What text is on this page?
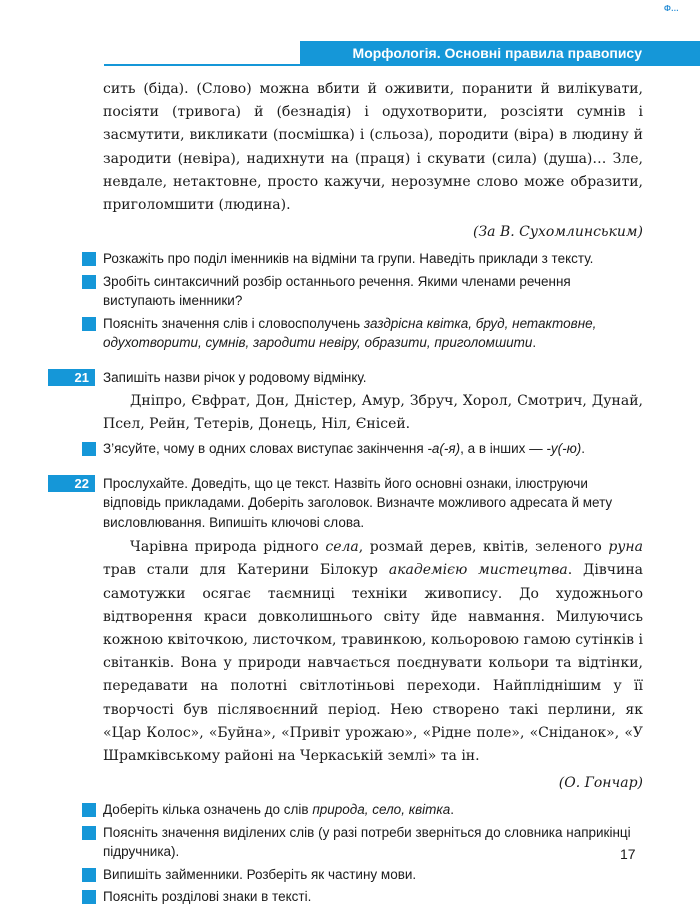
Ф…
Морфологія. Основні правила правопису

сить (біда). (Слово) можна вбити й оживити, поранити й вилікувати, посіяти (тривога) й (безнадія) і одухотворити, розсіяти сумнів і засмутити, викликати (посмішка) і (сльоза), породити (віра) в людину й зародити (невіра), надихнути на (праця) і скувати (сила) (душа)… Зле, невдале, нетактовне, просто кажучи, нерозумне слово може образити, приголомшити (людина).

(За В. Сухомлинським)
Розкажіть про поділ іменників на відміни та групи. Наведіть приклади з тексту.
Зробіть синтаксичний розбір останнього речення. Якими членами речення виступають іменники?
Поясніть значення слів і словосполучень заздрісна квітка, бруд, нетактовне, одухотворити, сумнів, зародити невіру, образити, приголомшити.
21	Запишіть назви річок у родовому відмінку.

Дніпро, Євфрат, Дон, Дністер, Амур, Збруч, Хорол, Смотрич, Дунай, Псел, Рейн, Тетерів, Донець, Ніл, Єнісей.

З’ясуйте, чому в одних словах виступає закінчення -а(-я), а в інших — -у(-ю).
22	Прослухайте. Доведіть, що це текст. Назвіть його основні ознаки, ілюструючи відповідь прикладами. Доберіть заголовок. Визначте можливого адресата й мету висловлювання. Випишіть ключові слова.

Чарівна природа рідного села, розмай дерев, квітів, зеленого руна трав стали для Катерини Білокур академією мистецтва. Дівчина самотужки осягає таємниці техніки живопису. До художнього відтворення краси довколишнього світу йде навмання. Милуючись кожною квіточкою, листочком, травинкою, кольоровою гамою сутінків і світанків. Вона у природи навчається поєднувати кольори та відтінки, передавати на полотні світлотіньові переходи. Найпліднішим у її творчості був післявоєнний період. Нею створено такі перлини, як «Цар Колос», «Буйна», «Привіт урожаю», «Рідне поле», «Сніданок», «У Шрамківському районі на Черкаській землі» та ін.

(О. Гончар)
Доберіть кілька означень до слів природа, село, квітка.
Поясніть значення виділених слів (у разі потреби зверніться до словника наприкінці підручника).
Випишіть займенники. Розберіть як частину мови.
Поясніть розділові знаки в тексті.
17
